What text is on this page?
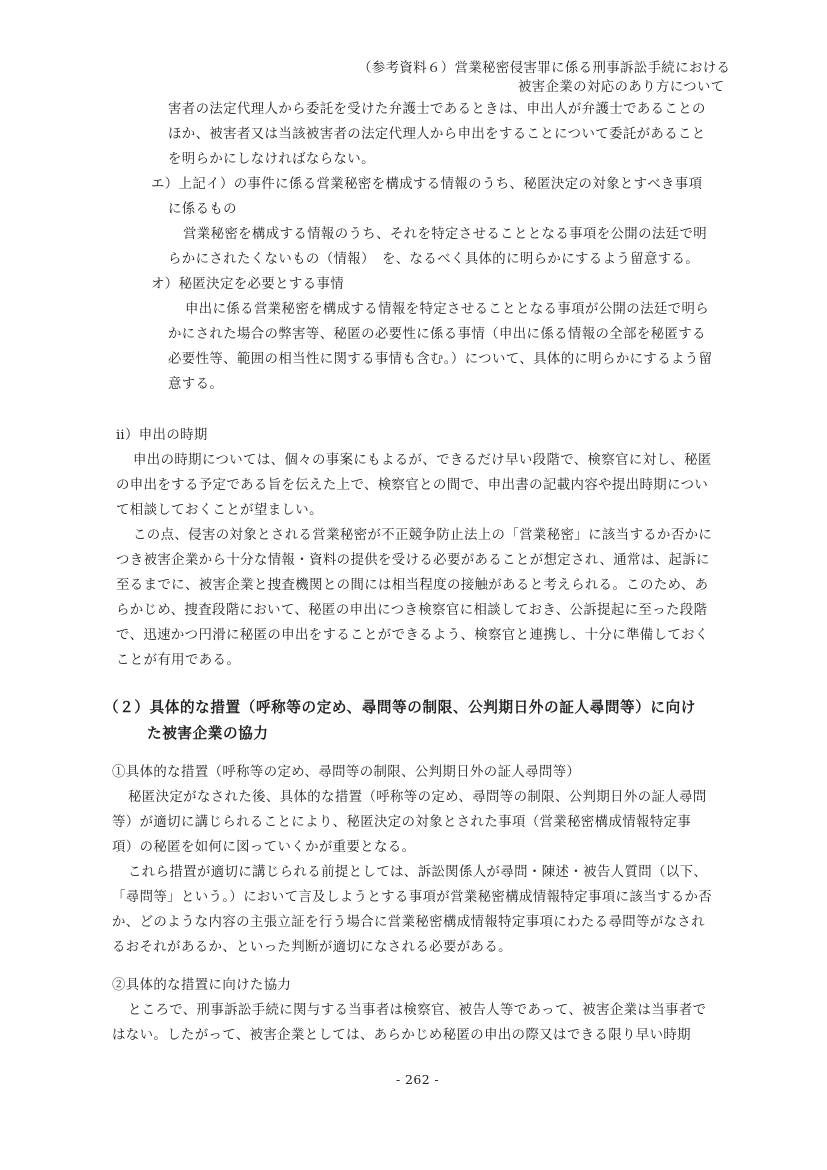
（参考資料６）営業秘密侵害罪に係る刑事訴訟手続における
被害企業の対応のあり方について
害者の法定代理人から委託を受けた弁護士であるときは、申出人が弁護士であることの
ほか、被害者又は当該被害者の法定代理人から申出をすることについて委託があること
を明らかにしなければならない。
エ）上記イ）の事件に係る営業秘密を構成する情報のうち、秘匿決定の対象とすべき事項
に係るもの
営業秘密を構成する情報のうち、それを特定させることとなる事項を公開の法廷で明
らかにされたくないもの（情報）　を、なるべく具体的に明らかにするよう留意する。
オ）秘匿決定を必要とする事情
申出に係る営業秘密を構成する情報を特定させることとなる事項が公開の法廷で明ら
かにされた場合の弊害等、秘匿の必要性に係る事情（申出に係る情報の全部を秘匿する
必要性等、範囲の相当性に関する事情も含む。）について、具体的に明らかにするよう留
意する。
ⅱ）申出の時期
申出の時期については、個々の事案にもよるが、できるだけ早い段階で、検察官に対し、秘匿
の申出をする予定である旨を伝えた上で、検察官との間で、申出書の記載内容や提出時期につい
て相談しておくことが望ましい。
この点、侵害の対象とされる営業秘密が不正競争防止法上の「営業秘密」に該当するか否かに
つき被害企業から十分な情報・資料の提供を受ける必要があることが想定され、通常は、起訴に
至るまでに、被害企業と捜査機関との間には相当程度の接触があると考えられる。このため、あ
らかじめ、捜査段階において、秘匿の申出につき検察官に相談しておき、公訴提起に至った段階
で、迅速かつ円滑に秘匿の申出をすることができるよう、検察官と連携し、十分に準備しておく
ことが有用である。
（２）具体的な措置（呼称等の定め、尋問等の制限、公判期日外の証人尋問等）に向け
た被害企業の協力
①具体的な措置（呼称等の定め、尋問等の制限、公判期日外の証人尋問等）
秘匿決定がなされた後、具体的な措置（呼称等の定め、尋問等の制限、公判期日外の証人尋問
等）が適切に講じられることにより、秘匿決定の対象とされた事項（営業秘密構成情報特定事
項）の秘匿を如何に図っていくかが重要となる。
これら措置が適切に講じられる前提としては、訴訟関係人が尋問・陳述・被告人質問（以下、
「尋問等」という。）において言及しようとする事項が営業秘密構成情報特定事項に該当するか否
か、どのような内容の主張立証を行う場合に営業秘密構成情報特定事項にわたる尋問等がなされ
るおそれがあるか、といった判断が適切になされる必要がある。
②具体的な措置に向けた協力
ところで、刑事訴訟手続に関与する当事者は検察官、被告人等であって、被害企業は当事者で
はない。したがって、被害企業としては、あらかじめ秘匿の申出の際又はできる限り早い時期
- 262 -
